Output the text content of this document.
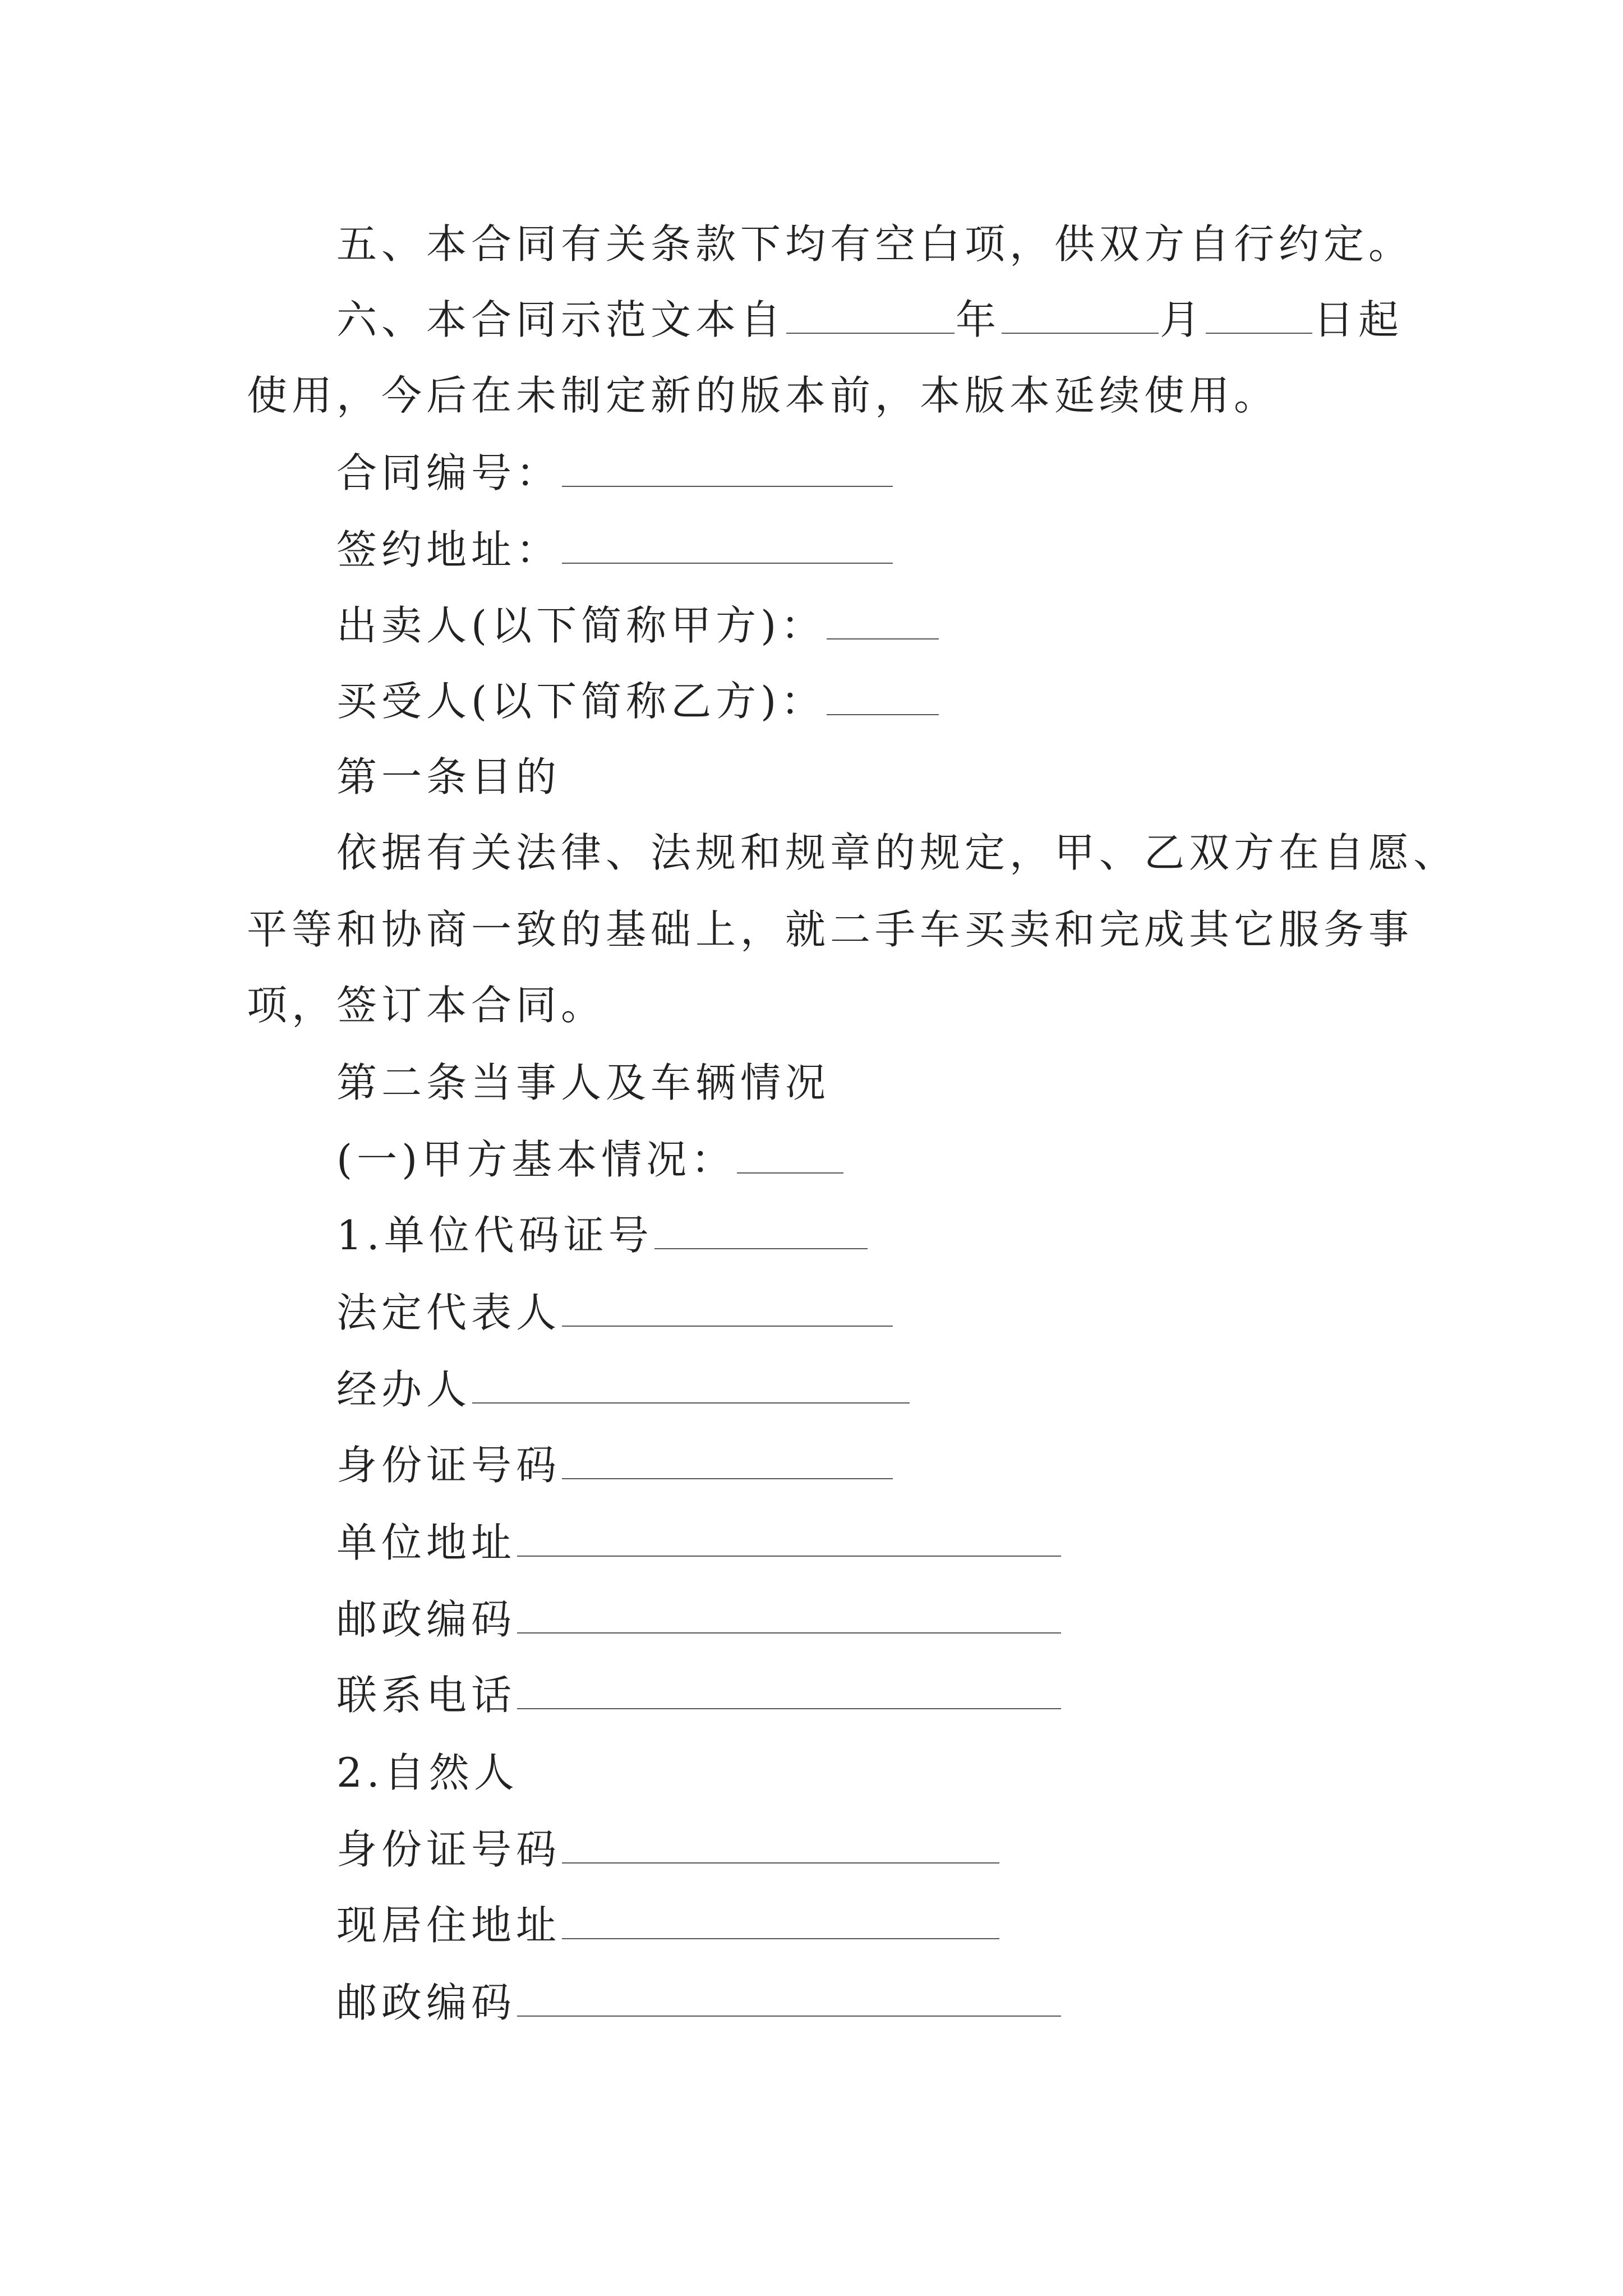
五、本合同有关条款下均有空白项，供双方自行约定。
六、本合同示范文本自	年	月	日起
使用，今后在未制定新的版本前，本版本延续使用。
合同编号：
签约地址：
出卖人(以下简称甲方)：
买受人(以下简称乙方)：
第一条目的
依据有关法律、法规和规章的规定，甲、乙双方在自愿、
平等和协商一致的基础上，就二手车买卖和完成其它服务事
项，签订本合同。
第二条当事人及车辆情况
(一)甲方基本情况：
1.单位代码证号
法定代表人
经办人
身份证号码
单位地址
邮政编码
联系电话
2.自然人
身份证号码
现居住地址
邮政编码
